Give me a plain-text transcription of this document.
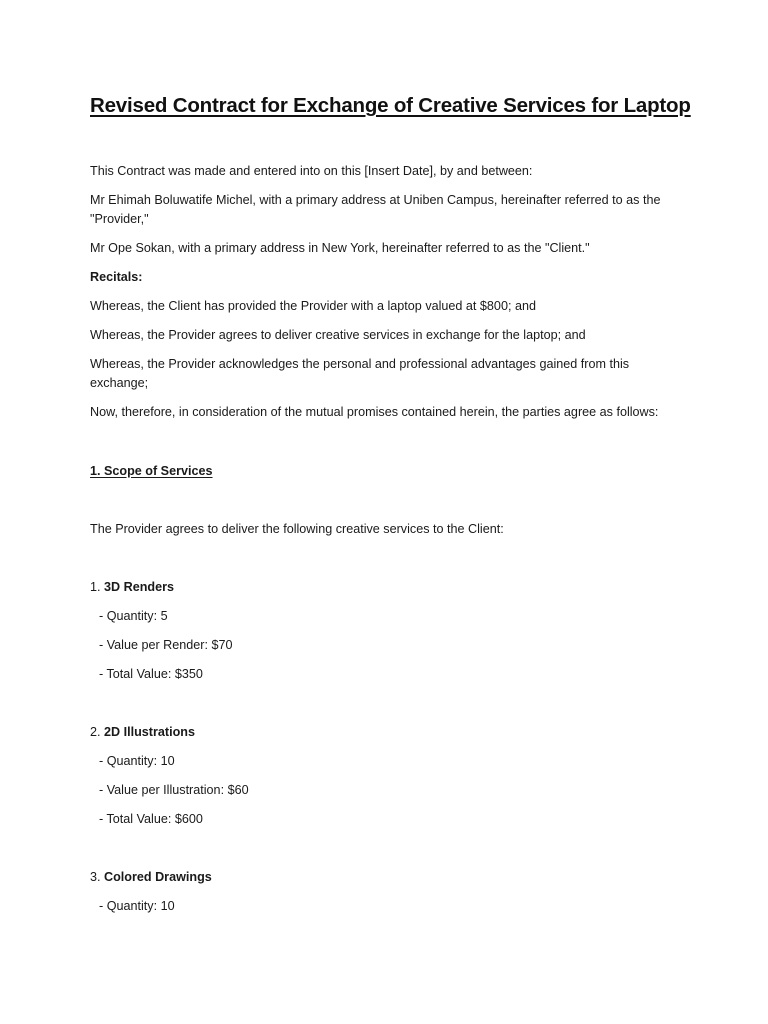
Revised Contract for Exchange of Creative Services for Laptop
This Contract was made and entered into on this [Insert Date], by and between:
Mr Ehimah Boluwatife Michel, with a primary address at Uniben Campus, hereinafter referred to as the
"Provider,"
Mr Ope Sokan, with a primary address in New York, hereinafter referred to as the "Client."
Recitals:
Whereas, the Client has provided the Provider with a laptop valued at $800; and
Whereas, the Provider agrees to deliver creative services in exchange for the laptop; and
Whereas, the Provider acknowledges the personal and professional advantages gained from this
exchange;
Now, therefore, in consideration of the mutual promises contained herein, the parties agree as follows:
1. Scope of Services
The Provider agrees to deliver the following creative services to the Client:
1. 3D Renders
- Quantity: 5
- Value per Render: $70
- Total Value: $350
2. 2D Illustrations
- Quantity: 10
- Value per Illustration: $60
- Total Value: $600
3. Colored Drawings
- Quantity: 10
